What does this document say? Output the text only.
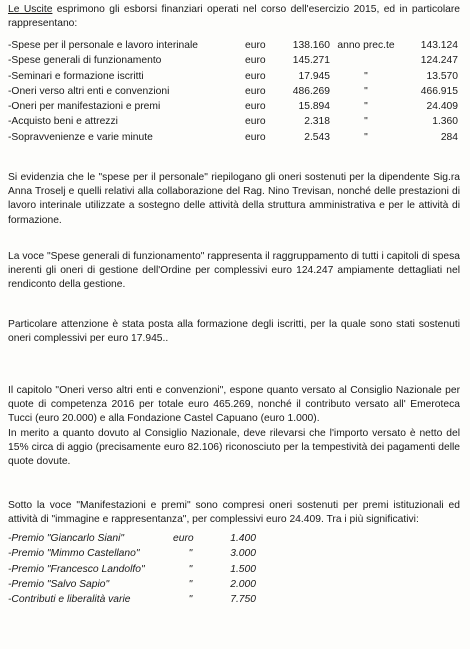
Le Uscite esprimono gli esborsi finanziari operati nel corso dell'esercizio 2015, ed in particolare rappresentano:

-Spese per il personale e lavoro interinale	euro	138.160	anno prec.te	143.124
-Spese generali di funzionamento	euro	145.271		124.247
-Seminari e formazione iscritti	euro	17.945	"	13.570
-Oneri verso altri enti e convenzioni	euro	486.269	"	466.915
-Oneri per manifestazioni e premi	euro	15.894	"	24.409
-Acquisto beni e attrezzi	euro	2.318	"	1.360
-Sopravvenienze e varie minute	euro	2.543	"	284

Si evidenzia che le "spese per il personale" riepilogano gli oneri sostenuti per la dipendente Sig.ra Anna Troselj e quelli relativi alla collaborazione del Rag. Nino Trevisan, nonché delle prestazioni di lavoro interinale utilizzate a sostegno delle attività della struttura amministrativa e per le attività di formazione.

La voce "Spese generali di funzionamento" rappresenta il raggruppamento di tutti i capitoli di spesa inerenti gli oneri di gestione dell'Ordine per complessivi euro 124.247 ampiamente dettagliati nel rendiconto della gestione.

Particolare attenzione è stata posta alla formazione degli iscritti, per la quale sono stati sostenuti oneri complessivi per euro 17.945..

Il capitolo "Oneri verso altri enti e convenzioni", espone quanto versato al Consiglio Nazionale per quote di competenza 2016 per totale euro 465.269, nonché il contributo versato all' Emeroteca Tucci (euro 20.000) e alla Fondazione Castel Capuano (euro 1.000).

In merito a quanto dovuto al Consiglio Nazionale, deve rilevarsi che l'importo versato è netto del 15% circa di aggio (precisamente euro 82.106) riconosciuto per la tempestività dei pagamenti delle quote dovute.

Sotto la voce "Manifestazioni e premi" sono compresi oneri sostenuti per premi istituzionali ed attività di "immagine e rappresentanza", per complessivi euro 24.409. Tra i più significativi:

-Premio "Giancarlo Siani"	euro	1.400
-Premio "Mimmo Castellano"	"	3.000
-Premio "Francesco Landolfo"	"	1.500
-Premio "Salvo Sapio"	"	2.000
-Contributi e liberalità varie	"	7.750
